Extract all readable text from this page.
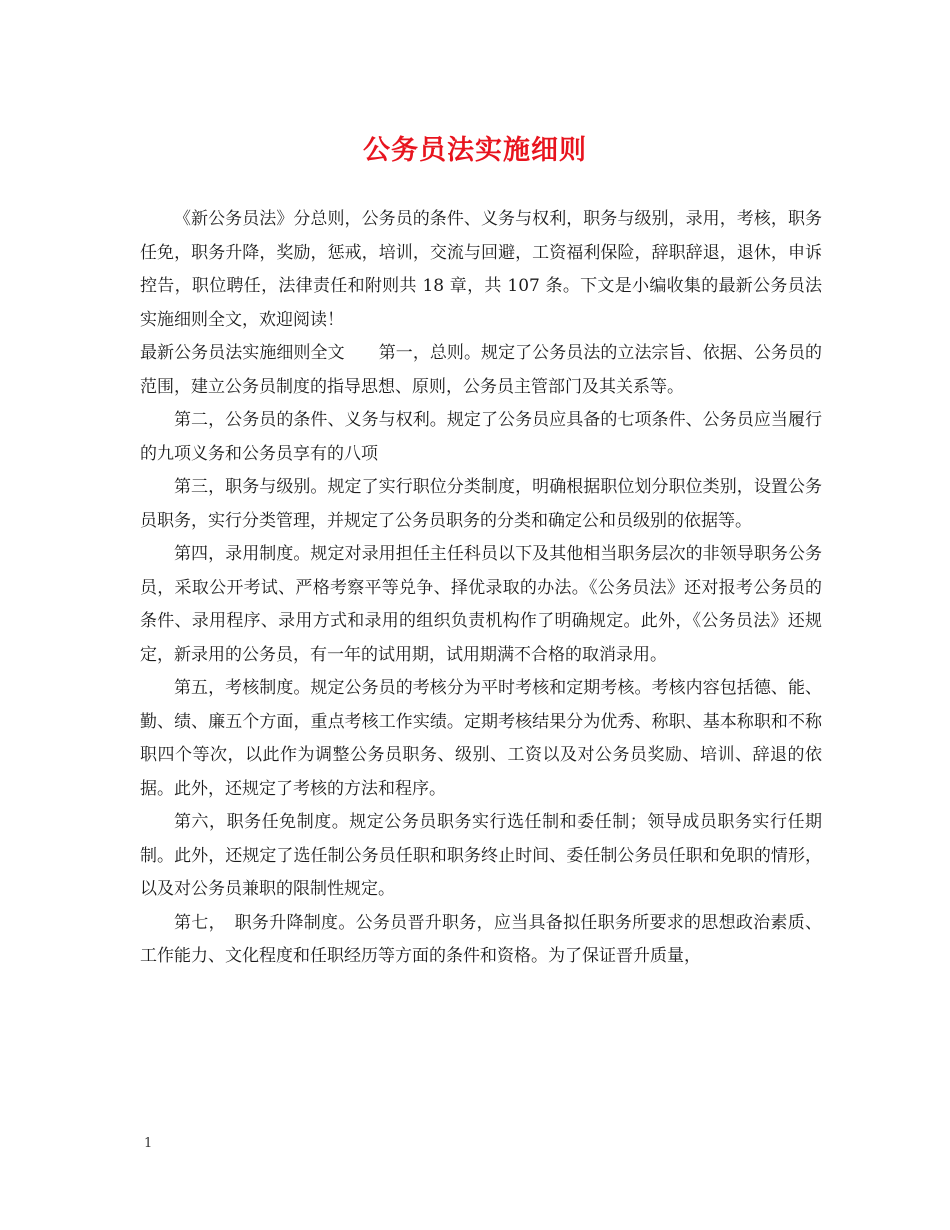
公务员法实施细则

《新公务员法》分总则，公务员的条件、义务与权利，职务与级别，录用，考核，职务任免，职务升降，奖励，惩戒，培训，交流与回避，工资福利保险，辞职辞退，退休，申诉控告，职位聘任，法律责任和附则共 18 章，共 107 条。下文是小编收集的最新公务员法实施细则全文，欢迎阅读！

最新公务员法实施细则全文　　第一，总则。规定了公务员法的立法宗旨、依据、公务员的范围，建立公务员制度的指导思想、原则，公务员主管部门及其关系等。

第二，公务员的条件、义务与权利。规定了公务员应具备的七项条件、公务员应当履行的九项义务和公务员享有的八项

第三，职务与级别。规定了实行职位分类制度，明确根据职位划分职位类别，设置公务员职务，实行分类管理，并规定了公务员职务的分类和确定公和员级别的依据等。

第四，录用制度。规定对录用担任主任科员以下及其他相当职务层次的非领导职务公务员，采取公开考试、严格考察平等兑争、择优录取的办法。《公务员法》还对报考公务员的条件、录用程序、录用方式和录用的组织负责机构作了明确规定。此外，《公务员法》还规定，新录用的公务员，有一年的试用期，试用期满不合格的取消录用。

第五，考核制度。规定公务员的考核分为平时考核和定期考核。考核内容包括德、能、勤、绩、廉五个方面，重点考核工作实绩。定期考核结果分为优秀、称职、基本称职和不称职四个等次，以此作为调整公务员职务、级别、工资以及对公务员奖励、培训、辞退的依据。此外，还规定了考核的方法和程序。

第六，职务任免制度。规定公务员职务实行选任制和委任制；领导成员职务实行任期制。此外，还规定了选任制公务员任职和职务终止时间、委任制公务员任职和免职的情形，以及对公务员兼职的限制性规定。

第七，　职务升降制度。公务员晋升职务，应当具备拟任职务所要求的思想政治素质、工作能力、文化程度和任职经历等方面的条件和资格。为了保证晋升质量，

1
